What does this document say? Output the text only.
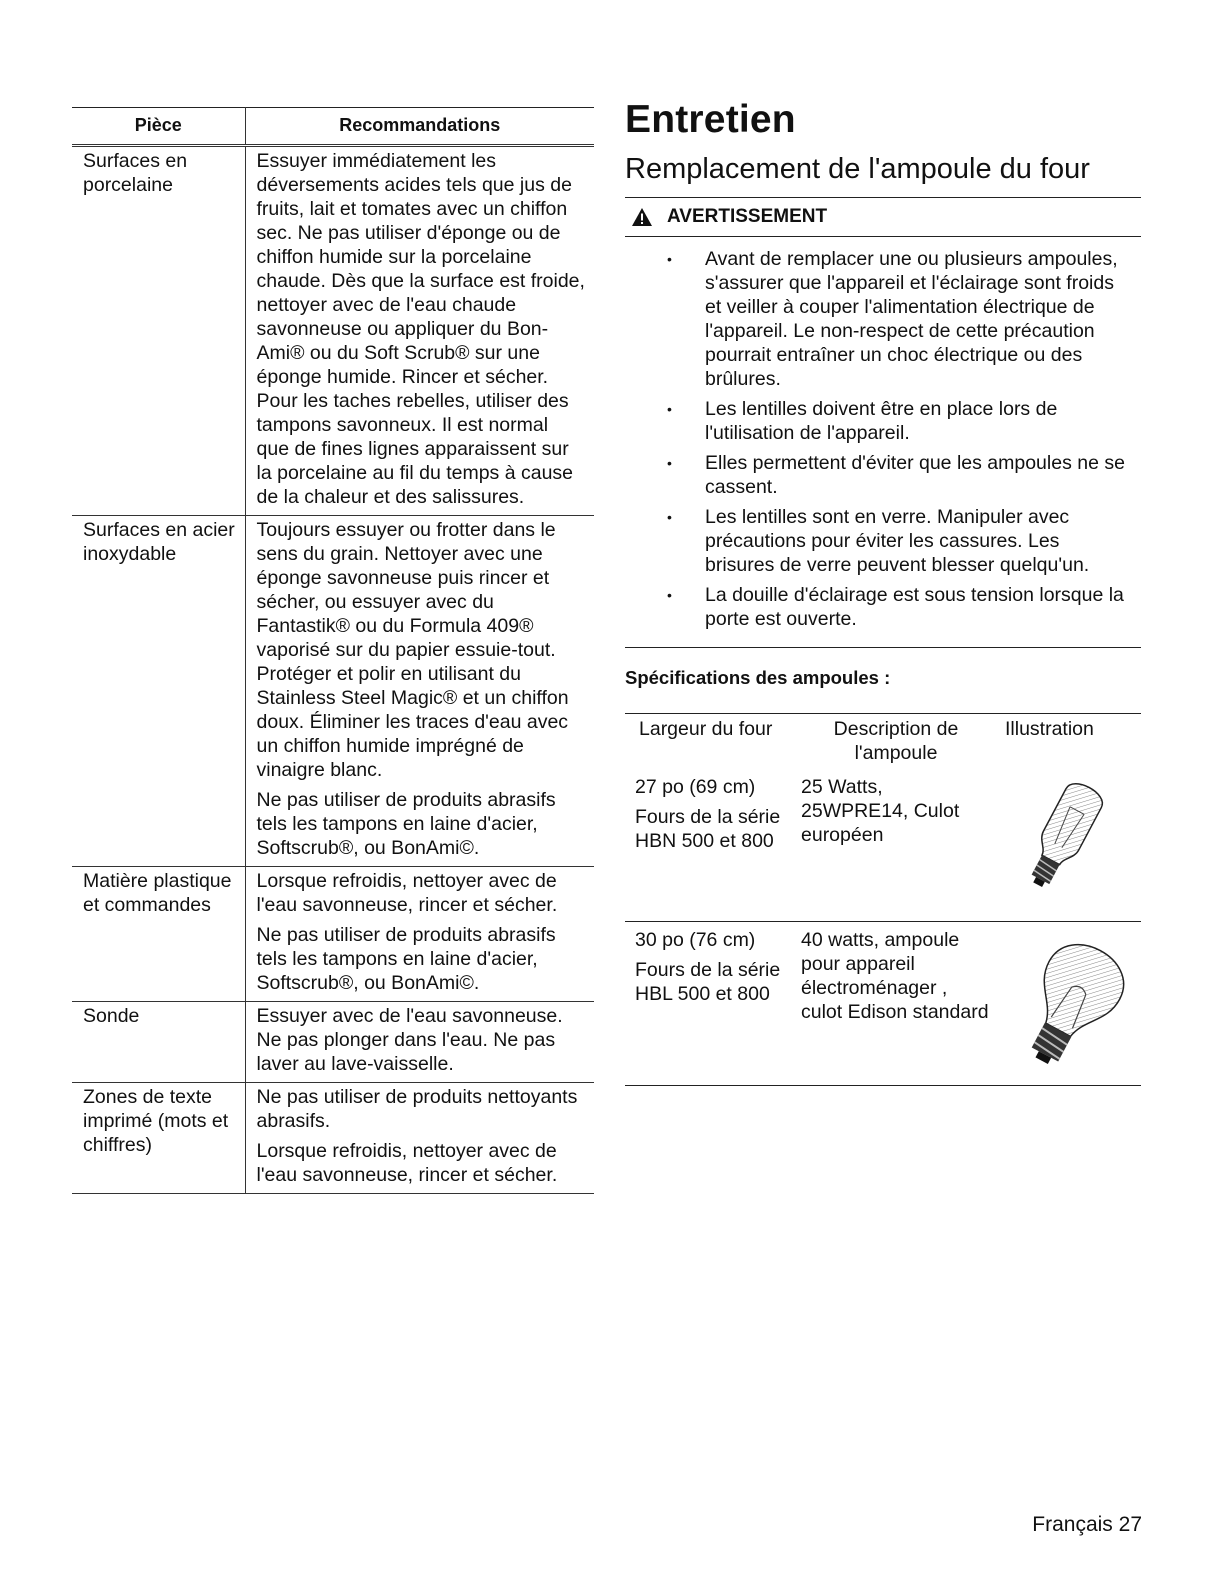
Pièce	Recommandations
Surfaces en porcelaine	Essuyer immédiatement les déversements acides tels que jus de fruits, lait et tomates avec un chiffon sec. Ne pas utiliser d'éponge ou de chiffon humide sur la porcelaine chaude. Dès que la surface est froide, nettoyer avec de l'eau chaude savonneuse ou appliquer du Bon-Ami® ou du Soft Scrub® sur une éponge humide. Rincer et sécher. Pour les taches rebelles, utiliser des tampons savonneux. Il est normal que de fines lignes apparaissent sur la porcelaine au fil du temps à cause de la chaleur et des salissures.

Surfaces en acier inoxydable	Toujours essuyer ou frotter dans le sens du grain. Nettoyer avec une éponge savonneuse puis rincer et sécher, ou essuyer avec du Fantastik® ou du Formula 409® vaporisé sur du papier essuie-tout. Protéger et polir en utilisant du Stainless Steel Magic® et un chiffon doux. Éliminer les traces d'eau avec un chiffon humide imprégné de vinaigre blanc.

Ne pas utiliser de produits abrasifs tels les tampons en laine d'acier, Softscrub®, ou BonAmi©.

Matière plastique et commandes	Lorsque refroidis, nettoyer avec de l'eau savonneuse, rincer et sécher.

Ne pas utiliser de produits abrasifs tels les tampons en laine d'acier, Softscrub®, ou BonAmi©.

Sonde	Essuyer avec de l'eau savonneuse. Ne pas plonger dans l'eau. Ne pas laver au lave-vaisselle.

Zones de texte imprimé (mots et chiffres)	Ne pas utiliser de produits nettoyants abrasifs.

Lorsque refroidis, nettoyer avec de l'eau savonneuse, rincer et sécher.

Entretien
Remplacement de l'ampoule du four
AVERTISSEMENT
• Avant de remplacer une ou plusieurs ampoules, s'assurer que l'appareil et l'éclairage sont froids et veiller à couper l'alimentation électrique de l'appareil. Le non-respect de cette précaution pourrait entraîner un choc électrique ou des brûlures.
• Les lentilles doivent être en place lors de l'utilisation de l'appareil.
• Elles permettent d'éviter que les ampoules ne se cassent.
• Les lentilles sont en verre. Manipuler avec précautions pour éviter les cassures. Les brisures de verre peuvent blesser quelqu'un.
• La douille d'éclairage est sous tension lorsque la porte est ouverte.
Spécifications des ampoules :
Largeur du four	Description de l'ampoule	Illustration

27 po (69 cm)
Fours de la série HBN 500 et 800	25 Watts, 25WPRE14, Culot européen	

30 po (76 cm)
Fours de la série HBL 500 et 800	40 watts, ampoule pour appareil électroménager , culot Edison standard	
Français 27
